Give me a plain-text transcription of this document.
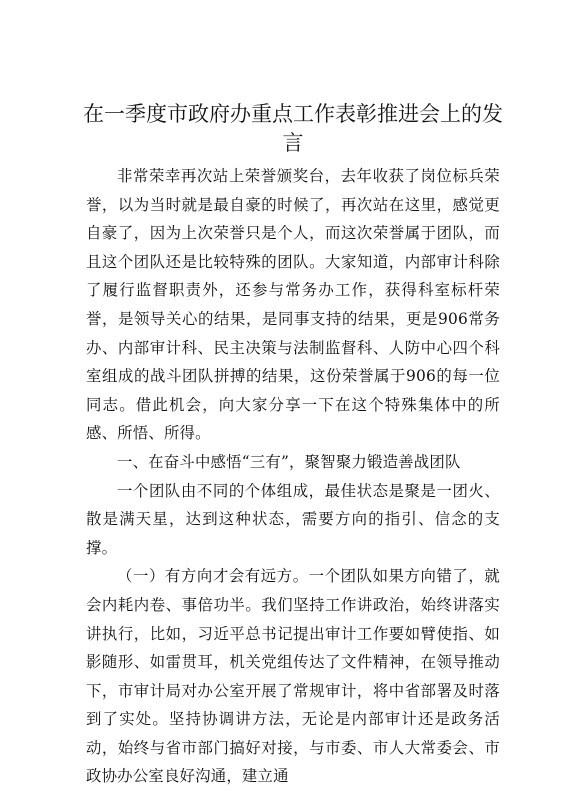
在一季度市政府办重点工作表彰推进会上的发言

非常荣幸再次站上荣誉颁奖台，去年收获了岗位标兵荣誉，以为当时就是最自豪的时候了，再次站在这里，感觉更自豪了，因为上次荣誉只是个人，而这次荣誉属于团队，而且这个团队还是比较特殊的团队。大家知道，内部审计科除了履行监督职责外，还参与常务办工作，获得科室标杆荣誉，是领导关心的结果，是同事支持的结果，更是906常务办、内部审计科、民主决策与法制监督科、人防中心四个科室组成的战斗团队拼搏的结果，这份荣誉属于906的每一位同志。借此机会，向大家分享一下在这个特殊集体中的所感、所悟、所得。

一、在奋斗中感悟“三有”，聚智聚力锻造善战团队

一个团队由不同的个体组成，最佳状态是聚是一团火、散是满天星，达到这种状态，需要方向的指引、信念的支撑。

（一）有方向才会有远方。一个团队如果方向错了，就会内耗内卷、事倍功半。我们坚持工作讲政治，始终讲落实讲执行，比如，习近平总书记提出审计工作要如臂使指、如影随形、如雷贯耳，机关党组传达了文件精神，在领导推动下，市审计局对办公室开展了常规审计，将中省部署及时落到了实处。坚持协调讲方法，无论是内部审计还是政务活动，始终与省市部门搞好对接，与市委、市人大常委会、市政协办公室良好沟通，建立通
